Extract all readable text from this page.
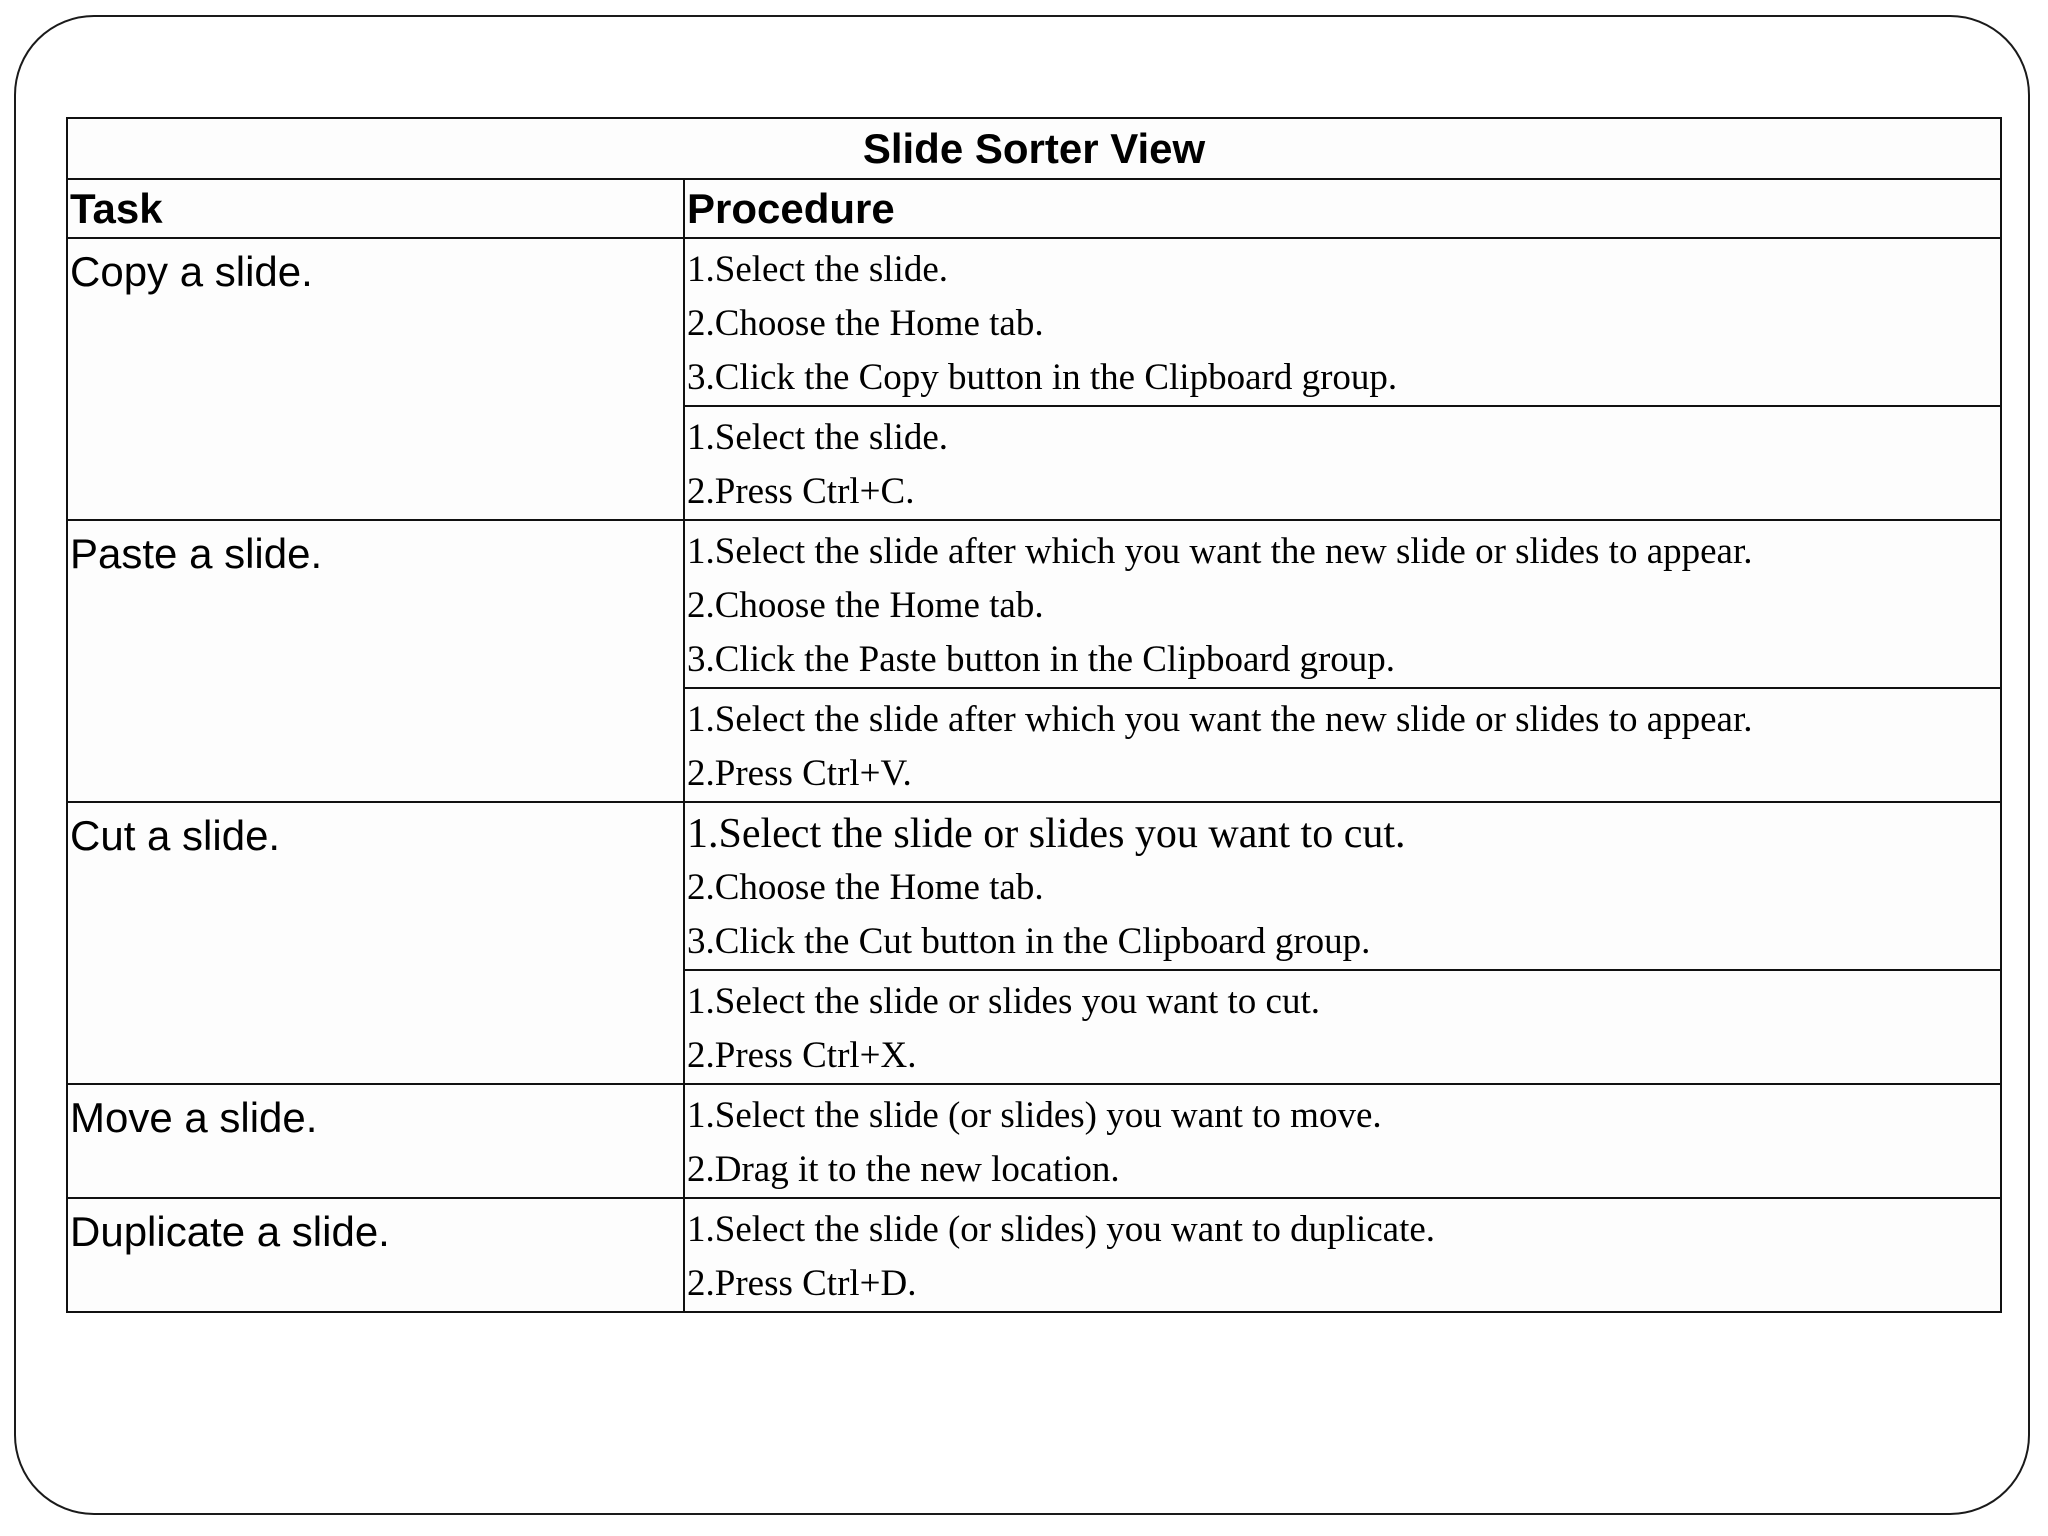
Slide Sorter View	
Task	Procedure
Copy a slide.	1.Select the slide.
2.Choose the Home tab.
3.Click the Copy button in the Clipboard group.

	1.Select the slide.
2.Press Ctrl+C.

Paste a slide.	1.Select the slide after which you want the new slide or slides to appear.
2.Choose the Home tab.
3.Click the Paste button in the Clipboard group.

	1.Select the slide after which you want the new slide or slides to appear.
2.Press Ctrl+V.

Cut a slide.	1.Select the slide or slides you want to cut.
2.Choose the Home tab.
3.Click the Cut button in the Clipboard group.

	1.Select the slide or slides you want to cut.
2.Press Ctrl+X.

Move a slide.	1.Select the slide (or slides) you want to move.
2.Drag it to the new location.

Duplicate a slide.	1.Select the slide (or slides) you want to duplicate.
2.Press Ctrl+D.
